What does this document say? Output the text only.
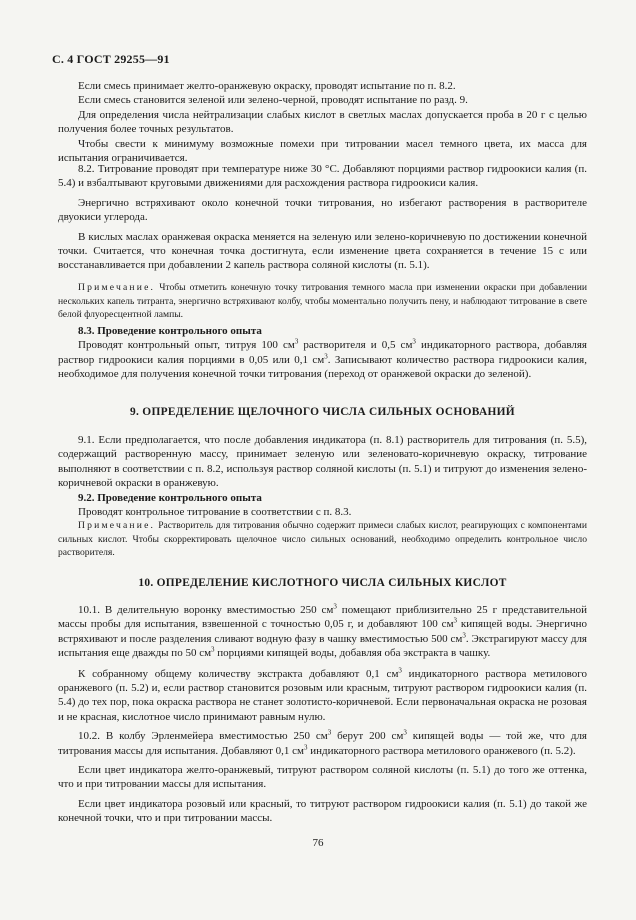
С. 4 ГОСТ 29255—91

Если смесь принимает желто-оранжевую окраску, проводят испытание по п. 8.2.

Если смесь становится зеленой или зелено-черной, проводят испытание по разд. 9.

Для определения числа нейтрализации слабых кислот в светлых маслах допускается проба в 20 г с целью получения более точных результатов.

Чтобы свести к минимуму возможные помехи при титровании масел темного цвета, их масса для испытания ограничивается.

8.2. Титрование проводят при температуре ниже 30 °С. Добавляют порциями раствор гидроокиси калия (п. 5.4) и взбалтывают круговыми движениями для расхождения раствора гидроокиси калия.

Энергично встряхивают около конечной точки титрования, но избегают растворения в растворителе двуокиси углерода.

В кислых маслах оранжевая окраска меняется на зеленую или зелено-коричневую по достижении конечной точки. Считается, что конечная точка достигнута, если изменение цвета сохраняется в течение 15 с или восстанавливается при добавлении 2 капель раствора соляной кислоты (п. 5.1).

Примечание. Чтобы отметить конечную точку титрования темного масла при изменении окраски при добавлении нескольких капель титранта, энергично встряхивают колбу, чтобы моментально получить пену, и наблюдают титрование в свете белой флуоресцентной лампы.

8.3. Проведение контрольного опыта

Проводят контрольный опыт, титруя 100 $см^3$ растворителя и 0,5 $см^3$ индикаторного раствора, добавляя раствор гидроокиси калия порциями в 0,05 или 0,1 $см^3$. Записывают количество раствора гидроокиси калия, необходимое для получения конечной точки титрования (переход от оранжевой окраски до зеленой).

9. ОПРЕДЕЛЕНИЕ ЩЕЛОЧНОГО ЧИСЛА СИЛЬНЫХ ОСНОВАНИЙ

9.1. Если предполагается, что после добавления индикатора (п. 8.1) растворитель для титрования (п. 5.5), содержащий растворенную массу, принимает зеленую или зеленовато-коричневую окраску, титрование выполняют в соответствии с п. 8.2, используя раствор соляной кислоты (п. 5.1) и титруют до изменения зелено-коричневой окраски в оранжевую.

9.2. Проведение контрольного опыта

Проводят контрольное титрование в соответствии с п. 8.3.

Примечание. Растворитель для титрования обычно содержит примеси слабых кислот, реагирующих с компонентами сильных кислот. Чтобы скорректировать щелочное число сильных оснований, необходимо определить контрольное число растворителя.

10. ОПРЕДЕЛЕНИЕ КИСЛОТНОГО ЧИСЛА СИЛЬНЫХ КИСЛОТ

10.1. В делительную воронку вместимостью 250 $см^3$ помещают приблизительно 25 г представительной массы пробы для испытания, взвешенной с точностью 0,05 г, и добавляют 100 $см^3$ кипящей воды. Энергично встряхивают и после разделения сливают водную фазу в чашку вместимостью 500 $см^3$. Экстрагируют массу для испытания еще дважды по 50 $см^3$ порциями кипящей воды, добавляя оба экстракта в чашку.

К собранному общему количеству экстракта добавляют 0,1 $см^3$ индикаторного раствора метилового оранжевого (п. 5.2) и, если раствор становится розовым или красным, титруют раствором гидроокиси калия (п. 5.4) до тех пор, пока окраска раствора не станет золотисто-коричневой. Если первоначальная окраска не розовая и не красная, кислотное число принимают равным нулю.

10.2. В колбу Эрленмейера вместимостью 250 $см^3$ берут 200 $см^3$ кипящей воды — той же, что для титрования массы для испытания. Добавляют 0,1 $см^3$ индикаторного раствора метилового оранжевого (п. 5.2).

Если цвет индикатора желто-оранжевый, титруют раствором соляной кислоты (п. 5.1) до того же оттенка, что и при титровании массы для испытания.

Если цвет индикатора розовый или красный, то титруют раствором гидроокиси калия (п. 5.1) до такой же конечной точки, что и при титровании массы.

76
